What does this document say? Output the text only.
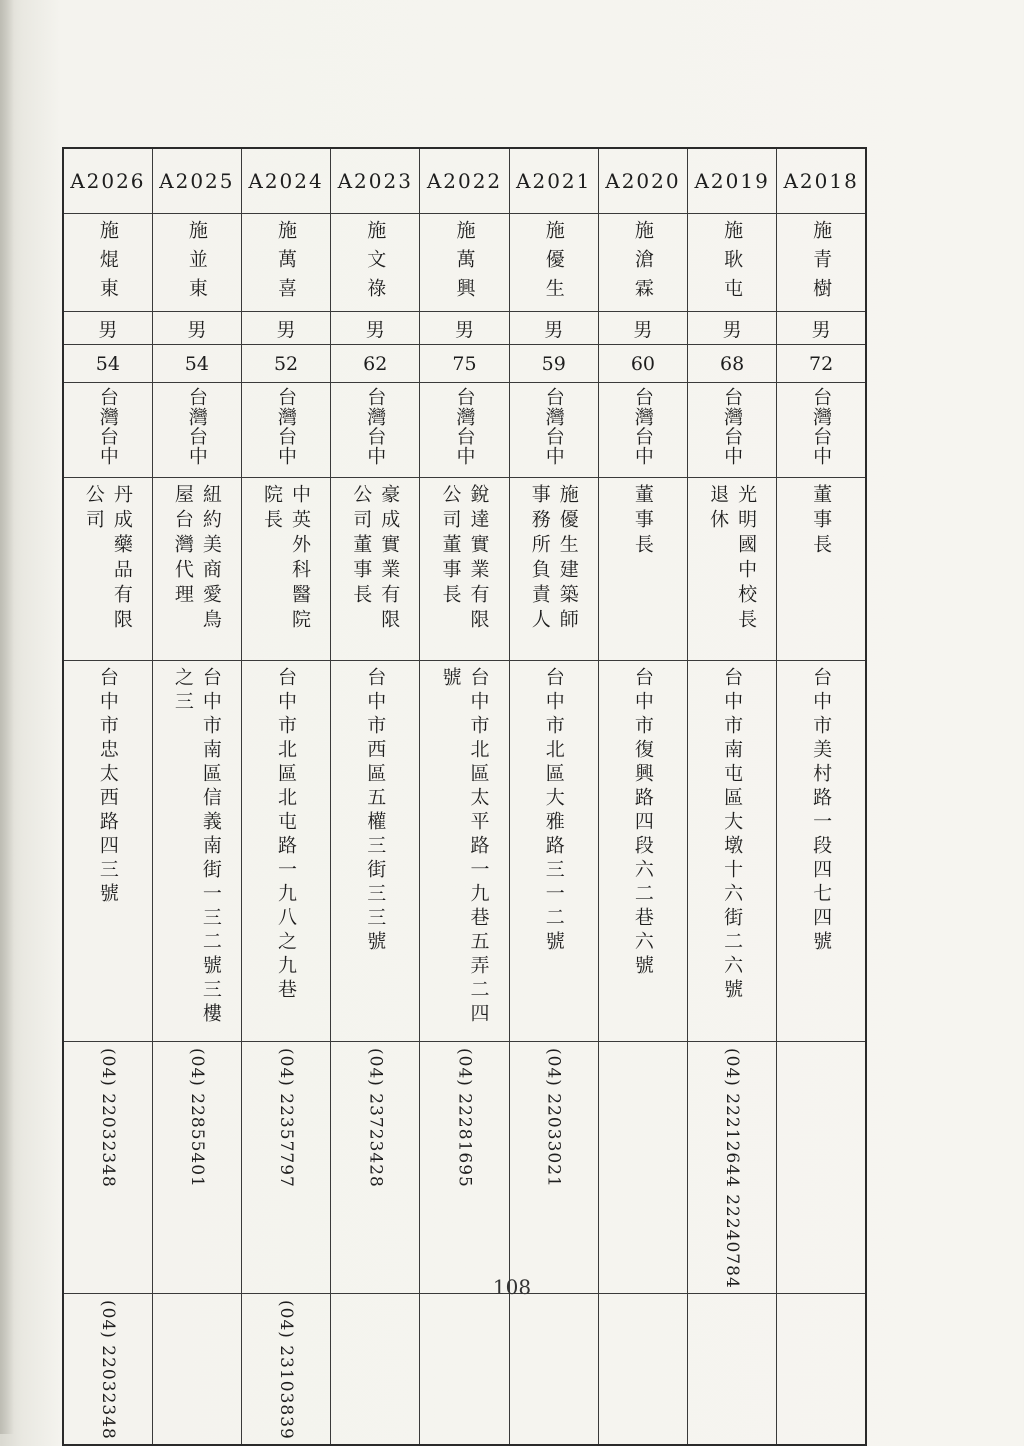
A2026	A2025	A2024	A2023	A2022	A2021	A2020	A2019	A2018
施焜東	施並東	施萬喜	施文祿	施萬興	施優生	施滄霖	施耿屯	施青樹
男	男	男	男	男	男	男	男	男
54	54	52	62	75	59	60	68	72
台灣台中	台灣台中	台灣台中	台灣台中	台灣台中	台灣台中	台灣台中	台灣台中	台灣台中
丹成藥品有限公司	紐約美商愛鳥屋台灣代理	中英外科醫院院長	豪成實業有限公司董事長	銳達實業有限公司董事長	施優生建築師事務所負責人	董事長	光明國中校長退休	董事長
台中市忠太西路四三號	台中市南區信義南街一三二號三樓之三	台中市北區北屯路一九八之九巷	台中市西區五權三街三三號	台中市北區太平路一九巷五弄二四號	台中市北區大雅路三一二號	台中市復興路四段六二巷六號	台中市南屯區大墩十六街二六號	台中市美村路一段四七四號
(04) 22032348	(04) 22855401	(04) 22357797	(04) 23723428	(04) 22281695	(04) 22033021		(04) 22212644 22240784	
(04) 22032348		(04) 23103839						
108
